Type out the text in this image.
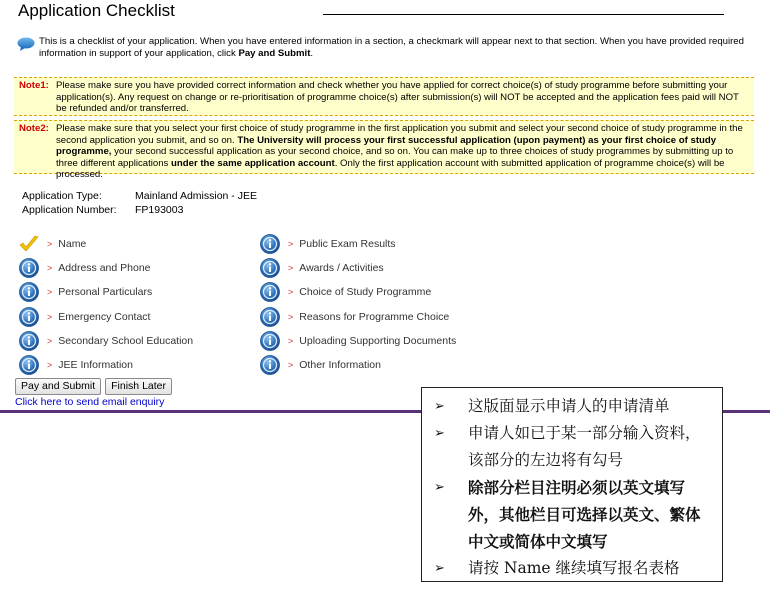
Application Checklist
This is a checklist of your application. When you have entered information in a section, a checkmark will appear next to that section. When you have provided required information in support of your application, click Pay and Submit.
Note1: Please make sure you have provided correct information and check whether you have applied for correct choice(s) of study programme before submitting your application(s). Any request on change or re-prioritisation of programme choice(s) after submission(s) will NOT be accepted and the application fees paid will NOT be refunded and/or transferred.
Note2: Please make sure that you select your first choice of study programme in the first application you submit and select your second choice of study programme in the second application you submit, and so on. The University will process your first successful application (upon payment) as your first choice of study programme, your second successful application as your second choice, and so on. You can make up to three choices of study programmes by submitting up to three different applications under the same application account. Only the first application account with submitted application of programme choice(s) will be processed.
Application Type:	Mainland Admission - JEE
Application Number:	FP193003
> Name
> Address and Phone
> Personal Particulars
> Emergency Contact
> Secondary School Education
> JEE Information
> Public Exam Results
> Awards / Activities
> Choice of Study Programme
> Reasons for Programme Choice
> Uploading Supporting Documents
> Other Information
Pay and Submit	Finish Later
Click here to send email enquiry
➢	这版面显示申请人的申请清单
➢ 申请人如已于某一部分输入资料，该部分的左边将有勾号
➢ 除部分栏目注明必须以英文填写外，其他栏目可选择以英文、繁体中文或简体中文填写
➢ 请按 Name 继续填写报名表格
